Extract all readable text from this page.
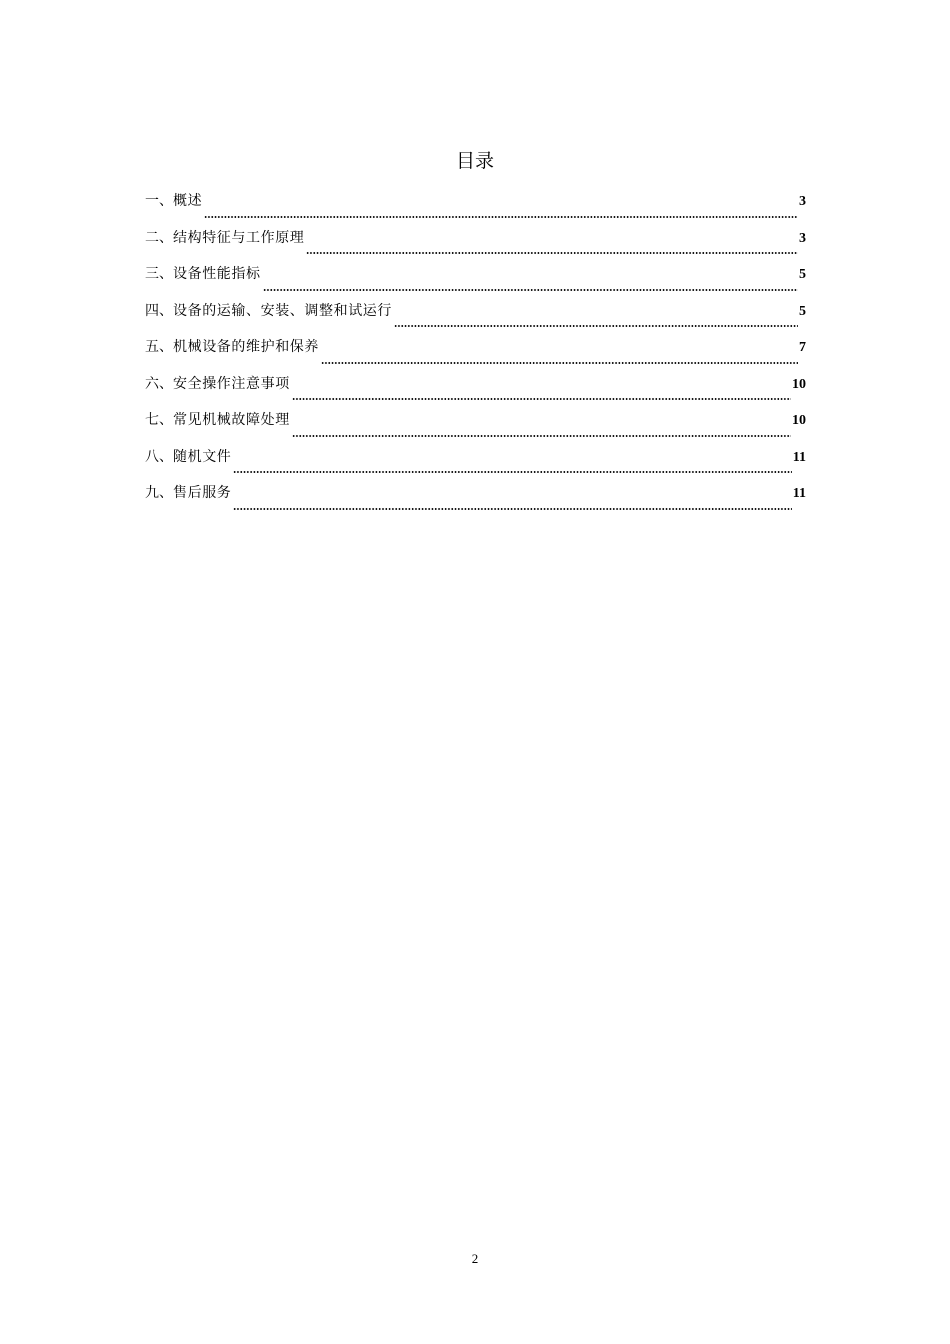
目录
一、 概述	3
二、 结构特征与工作原理	3
三、 设备性能指标	5
四、 设备的运输、安装、调整和试运行	5
五、 机械设备的维护和保养	7
六、 安全操作注意事项	10
七、 常见机械故障处理	10
八、 随机文件	11
九、 售后服务	11
2
